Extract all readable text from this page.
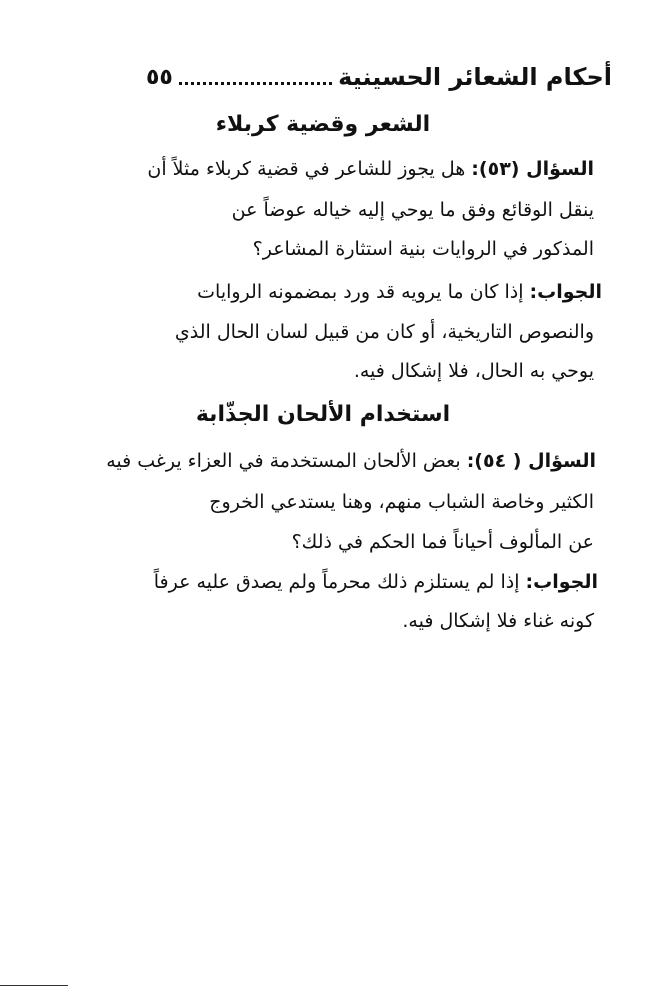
أحكام الشعائر الحسينية
٥٥
الشعر وقضية كربلاء
السؤال (٥٣): هل يجوز للشاعر في قضية كربلاء مثلاً أن
ينقل الوقائع وفق ما يوحي إليه خياله عوضاً عن
المذكور في الروايات بنية استثارة المشاعر؟
الجواب: إذا كان ما يرويه قد ورد بمضمونه الروايات
والنصوص التاريخية، أو كان من قبيل لسان الحال الذي
يوحي به الحال، فلا إشكال فيه.
استخدام الألحان الجذّابة
السؤال ( ٥٤): بعض الألحان المستخدمة في العزاء يرغب فيه
الكثير وخاصة الشباب منهم، وهنا يستدعي الخروج
عن المألوف أحياناً فما الحكم في ذلك؟
الجواب: إذا لم يستلزم ذلك محرماً ولم يصدق عليه عرفاً
كونه غناء فلا إشكال فيه.
